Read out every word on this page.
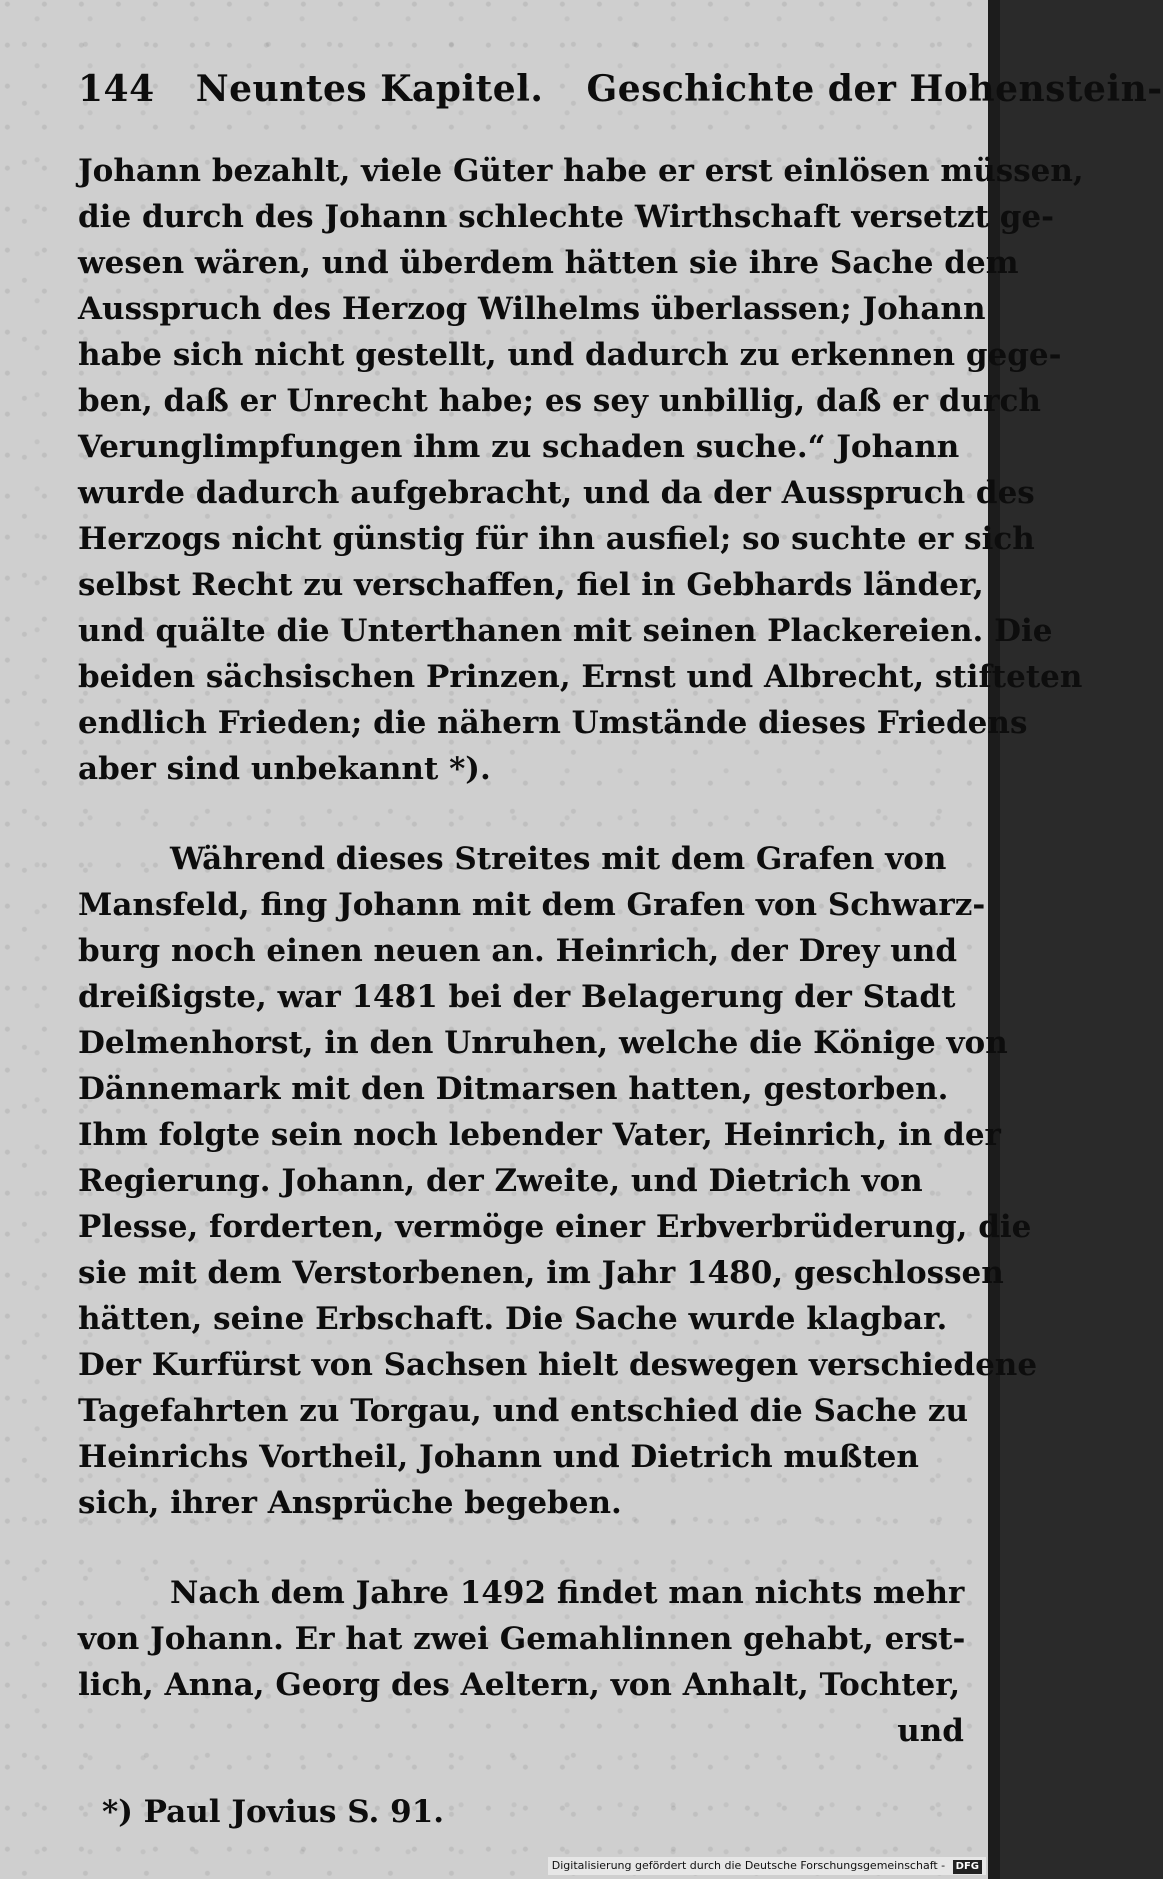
144 Neuntes Kapitel. Geschichte der Hohenstein-
Johann bezahlt, viele Güter habe er erst einlösen müssen,
die durch des Johann schlechte Wirthschaft versetzt ge-
wesen wären, und überdem hätten sie ihre Sache dem
Ausspruch des Herzog Wilhelms überlassen; Johann
habe sich nicht gestellt, und dadurch zu erkennen gege-
ben, daß er Unrecht habe; es sey unbillig, daß er durch
Verunglimpfungen ihm zu schaden suche.“ Johann
wurde dadurch aufgebracht, und da der Ausspruch des
Herzogs nicht günstig für ihn ausfiel; so suchte er sich
selbst Recht zu verschaffen, fiel in Gebhards länder,
und quälte die Unterthanen mit seinen Plackereien. Die
beiden sächsischen Prinzen, Ernst und Albrecht, stifteten
endlich Frieden; die nähern Umstände dieses Friedens
aber sind unbekannt *).
Während dieses Streites mit dem Grafen von
Mansfeld, fing Johann mit dem Grafen von Schwarz-
burg noch einen neuen an. Heinrich, der Drey und
dreißigste, war 1481 bei der Belagerung der Stadt
Delmenhorst, in den Unruhen, welche die Könige von
Dännemark mit den Ditmarsen hatten, gestorben.
Ihm folgte sein noch lebender Vater, Heinrich, in der
Regierung. Johann, der Zweite, und Dietrich von
Plesse, forderten, vermöge einer Erbverbrüderung, die
sie mit dem Verstorbenen, im Jahr 1480, geschlossen
hätten, seine Erbschaft. Die Sache wurde klagbar.
Der Kurfürst von Sachsen hielt deswegen verschiedene
Tagefahrten zu Torgau, und entschied die Sache zu
Heinrichs Vortheil, Johann und Dietrich mußten
sich, ihrer Ansprüche begeben.
Nach dem Jahre 1492 findet man nichts mehr
von Johann. Er hat zwei Gemahlinnen gehabt, erst-
lich, Anna, Georg des Aeltern, von Anhalt, Tochter,
und
*) Paul Jovius S. 91.
Digitalisierung gefördert durch die Deutsche Forschungsgemeinschaft - DFG
